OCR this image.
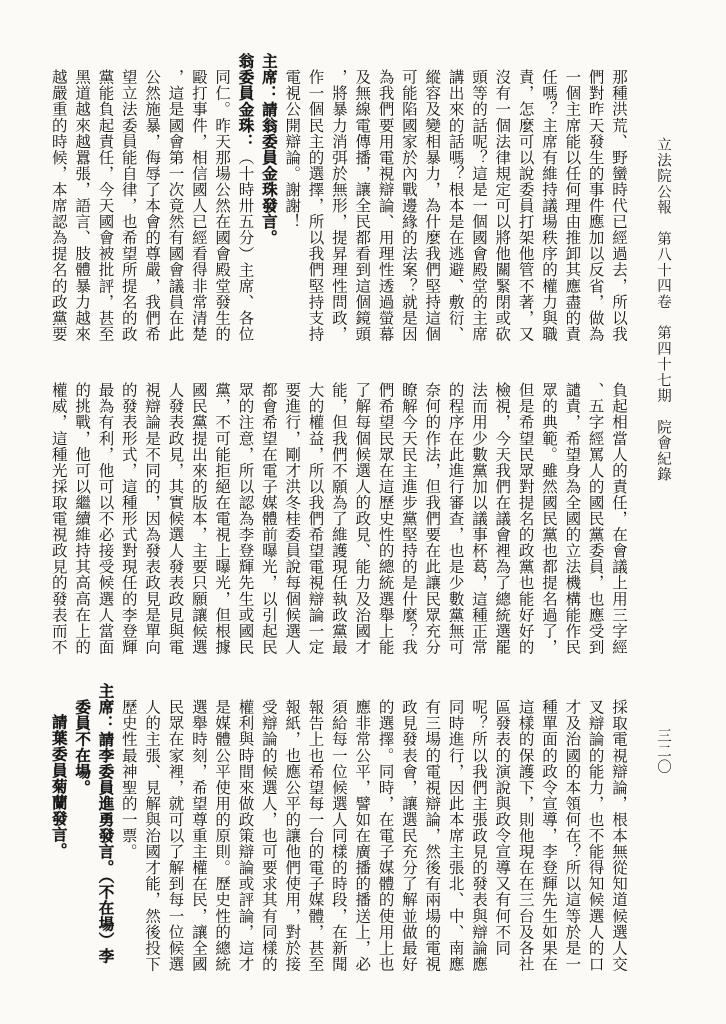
立法院公報　第八十四卷　第四十七期　院會紀錄
三二〇
那種洪荒、野蠻時代已經過去，所以我
們對昨天發生的事件應加以反省，做為
一個主席能以任何理由推卸其應盡的責
任嗎？主席有維持議場秩序的權力與職
責，怎麼可以說委員打架他管不著，又
沒有一個法律規定可以將他關緊閉或砍
頭等的話呢？這是一個國會殿堂的主席
講出來的話嗎？根本是在逃避、敷衍、
縱容及變相暴力，為什麼我們堅持這個
可能陷國家於內戰邊緣的法案？就是因
為我們要用電視辯論、用理性透過螢幕
及無線電傳播，讓全民都看到這個鏡頭
，將暴力消弭於無形，提昇理性問政，
作一個民主的選擇，所以我們堅持支持
電視公開辯論。謝謝！
主席：請翁委員金珠發言。
翁委員金珠：（十時卅五分）主席、各位
同仁。昨天那場公然在國會殿堂發生的
毆打事件，相信國人已經看得非常清楚
，這是國會第一次竟然有國會議員在此
公然施暴，侮辱了本會的尊嚴，我們希
望立法委員能自律，也希望所提名的政
黨能負起責任，今天國會被批評，甚至
黑道越來越囂張，語言、肢體暴力越來
越嚴重的時候，本席認為提名的政黨要
負起相當人的責任，在會議上用三字經
、五字經罵人的國民黨委員，也應受到
譴責，希望身為全國的立法機構能作民
眾的典範。雖然國民黨也都提名過了，
但是希望民眾對提名的政黨也能好好的
檢視，今天我們在議會裡為了總統選罷
法而用少數黨加以議事杯葛，這種正常
的程序在此進行審查，也是少數黨無可
奈何的作法，但我們要在此讓民眾充分
瞭解今天民主進步黨堅持的是什麼？我
們希望民眾在這歷史性的總統選舉上能
了解每個候選人的政見、能力及治國才
能，但我們不願為了維護現任執政黨最
大的權益，所以我們希望電視辯論一定
要進行，剛才洪冬桂委員說每個候選人
都會希望在電子媒體前曝光，以引起民
眾的注意，所以認為李登輝先生或國民
黨，不可能拒絕在電視上曝光，但根據
國民黨提出來的版本，主要只願讓候選
人發表政見，其實候選人發表政見與電
視辯論是不同的，因為發表政見是單向
的發表形式，這種形式對現任的李登輝
最為有利，他可以不必接受候選人當面
的挑戰，他可以繼續維持其高高在上的
權威，這種光採取電視政見的發表而不
採取電視辯論，根本無從知道候選人交
叉辯論的能力，也不能得知候選人的口
才及治國的本領何在？所以這等於是一
種單面的政令宣導，李登輝先生如果在
這樣的保護下，則他現在在三台及各社
區發表的演說與政令宣導又有何不同
呢？所以我們主張政見的發表與辯論應
同時進行，因此本席主張北、中、南應
有三場的電視辯論，然後有兩場的電視
政見發表會，讓選民充分了解並做最好
的選擇。同時，在電子媒體的使用上也
應非常公平，譬如在廣播的播送上，必
須給每一位候選人同樣的時段，在新聞
報告上也希望每一台的電子媒體，甚至
報紙，也應公平的讓他們使用，對於接
受辯論的候選人，也可要求其有同樣的
權利與時間來做政策辯論或評論，這才
是媒體公平使用的原則。歷史性的總統
選舉時刻，希望尊重主權在民，讓全國
民眾在家裡，就可以了解到每一位候選
人的主張、見解與治國才能，然後投下
歷史性最神聖的一票。
主席：請李委員進勇發言。（不在場）李
委員不在場。
請葉委員菊蘭發言。
